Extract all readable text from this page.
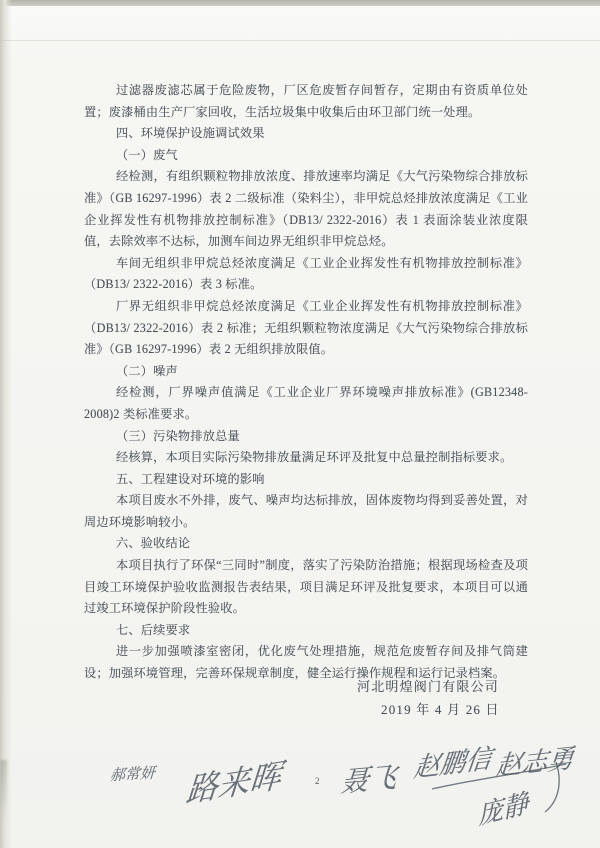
过滤器废滤芯属于危险废物，厂区危废暂存间暂存，定期由有资质单位处置；废漆桶由生产厂家回收，生活垃圾集中收集后由环卫部门统一处理。

四、环境保护设施调试效果

（一）废气

经检测，有组织颗粒物排放浓度、排放速率均满足《大气污染物综合排放标准》（GB 16297-1996）表 2 二级标准（染料尘），非甲烷总烃排放浓度满足《工业企业挥发性有机物排放控制标准》（DB13/ 2322-2016）表 1 表面涂装业浓度限值，去除效率不达标，加测车间边界无组织非甲烷总烃。

车间无组织非甲烷总烃浓度满足《工业企业挥发性有机物排放控制标准》（DB13/ 2322-2016）表 3 标准。

厂界无组织非甲烷总烃浓度满足《工业企业挥发性有机物排放控制标准》（DB13/ 2322-2016）表 2 标准；无组织颗粒物浓度满足《大气污染物综合排放标准》（GB 16297-1996）表 2 无组织排放限值。

（二）噪声

经检测，厂界噪声值满足《工业企业厂界环境噪声排放标准》(GB12348-2008)2 类标准要求。

（三）污染物排放总量

经核算，本项目实际污染物排放量满足环评及批复中总量控制指标要求。

五、工程建设对环境的影响

本项目废水不外排，废气、噪声均达标排放，固体废物均得到妥善处置，对周边环境影响较小。

六、验收结论

本项目执行了环保“三同时”制度，落实了污染防治措施；根据现场检查及项目竣工环境保护验收监测报告表结果，项目满足环评及批复要求，本项目可以通过竣工环境保护阶段性验收。

七、后续要求

进一步加强喷漆室密闭，优化废气处理措施，规范危废暂存间及排气筒建设；加强环境管理，完善环保规章制度，健全运行操作规程和运行记录档案。

河北明煌阀门有限公司
2019 年 4 月 26 日
2
郝常妍 路来晖 聂飞 赵鹏信 赵志勇
庞静
